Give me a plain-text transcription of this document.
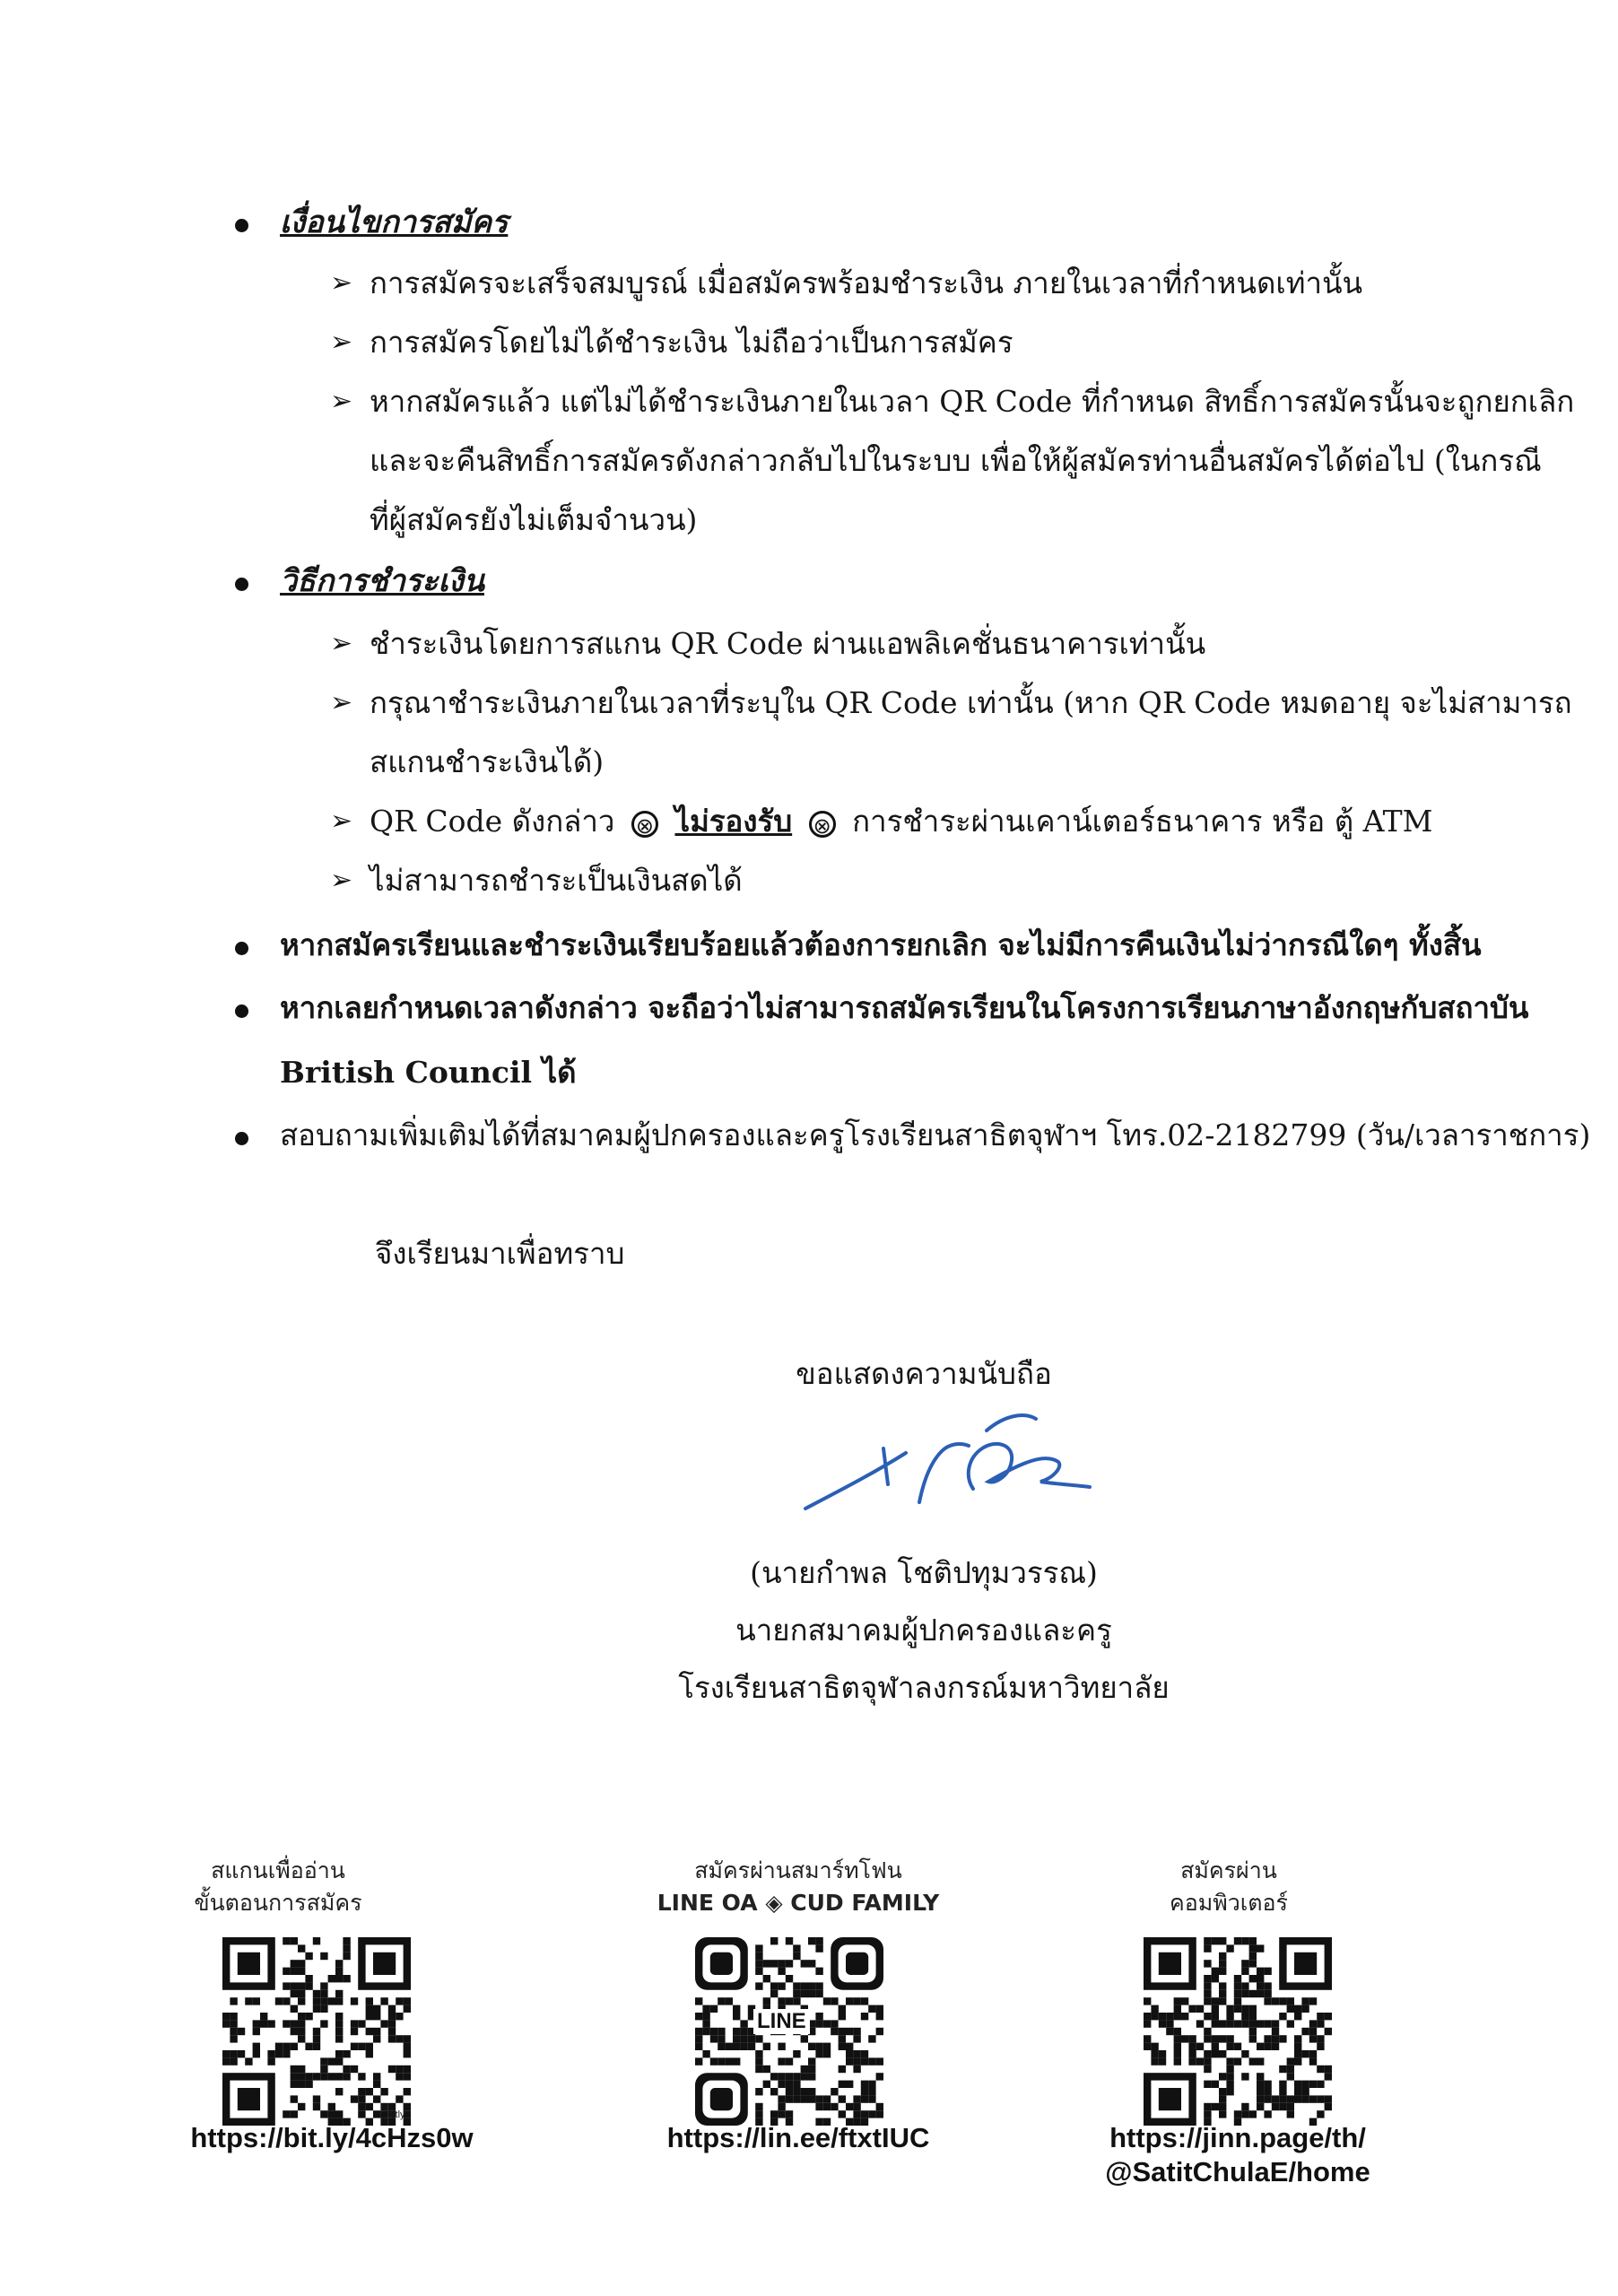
เงื่อนไขการสมัคร
➢ การสมัครจะเสร็จสมบูรณ์ เมื่อสมัครพร้อมชำระเงิน ภายในเวลาที่กำหนดเท่านั้น
➢ การสมัครโดยไม่ได้ชำระเงิน ไม่ถือว่าเป็นการสมัคร
➢ หากสมัครแล้ว แต่ไม่ได้ชำระเงินภายในเวลา QR Code ที่กำหนด สิทธิ์การสมัครนั้นจะถูกยกเลิก
และจะคืนสิทธิ์การสมัครดังกล่าวกลับไปในระบบ เพื่อให้ผู้สมัครท่านอื่นสมัครได้ต่อไป (ในกรณี
ที่ผู้สมัครยังไม่เต็มจำนวน)
วิธีการชำระเงิน
➢ ชำระเงินโดยการสแกน QR Code ผ่านแอพลิเคชั่นธนาคารเท่านั้น
➢ กรุณาชำระเงินภายในเวลาที่ระบุใน QR Code เท่านั้น (หาก QR Code หมดอายุ จะไม่สามารถ
สแกนชำระเงินได้)
➢ QR Code ดังกล่าว ⊗ ไม่รองรับ ⊗ การชำระผ่านเคาน์เตอร์ธนาคาร หรือ ตู้ ATM
➢ ไม่สามารถชำระเป็นเงินสดได้
หากสมัครเรียนและชำระเงินเรียบร้อยแล้วต้องการยกเลิก จะไม่มีการคืนเงินไม่ว่ากรณีใดๆ ทั้งสิ้น
หากเลยกำหนดเวลาดังกล่าว จะถือว่าไม่สามารถสมัครเรียนในโครงการเรียนภาษาอังกฤษกับสถาบัน
British Council ได้
สอบถามเพิ่มเติมได้ที่สมาคมผู้ปกครองและครูโรงเรียนสาธิตจุฬาฯ โทร.02-2182799 (วัน/เวลาราชการ)
จึงเรียนมาเพื่อทราบ
ขอแสดงความนับถือ
(นายกำพล โชติปทุมวรรณ)
นายกสมาคมผู้ปกครองและครู
โรงเรียนสาธิตจุฬาลงกรณ์มหาวิทยาลัย
สแกนเพื่ออ่าน
ขั้นตอนการสมัคร
bitly
https://bit.ly/4cHzs0w
สมัครผ่านสมาร์ทโฟน
LINE OA ◈ CUD FAMILY
LINE
https://lin.ee/ftxtIUC
สมัครผ่าน
คอมพิวเตอร์
https://jinn.page/th/
@SatitChulaE/home
